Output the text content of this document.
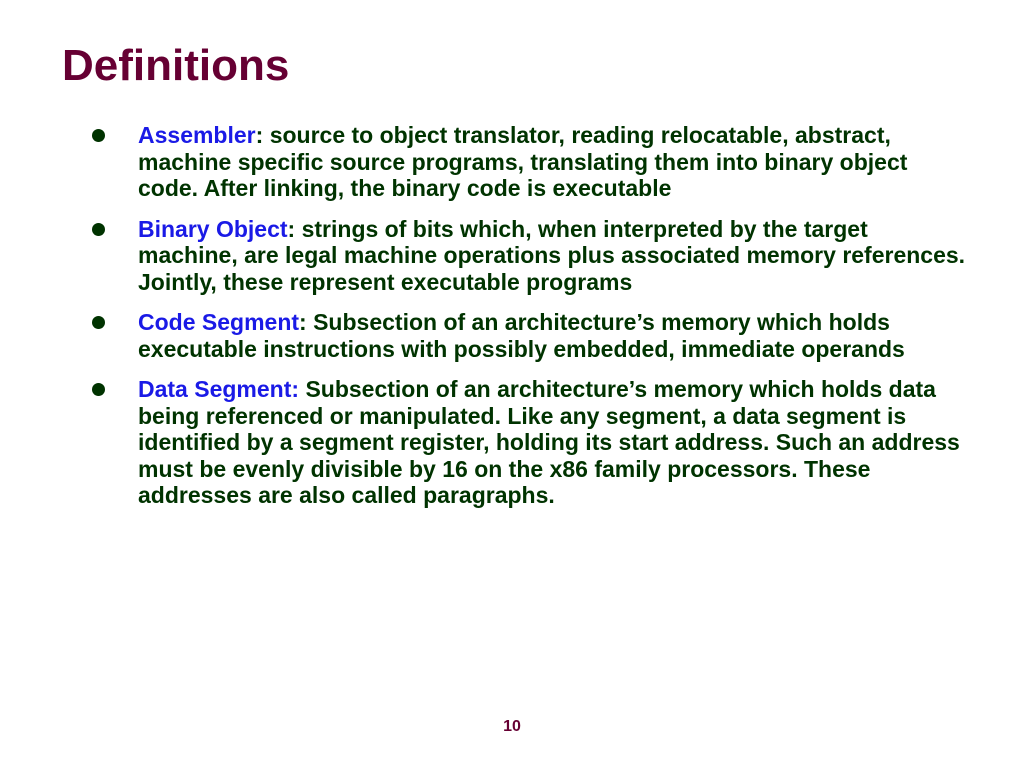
Definitions
Assembler: source to object translator, reading relocatable, abstract, machine specific source programs, translating them into binary object code. After linking, the binary code is executable
Binary Object: strings of bits which, when interpreted by the target machine, are legal machine operations plus associated memory references. Jointly, these represent executable programs
Code Segment: Subsection of an architecture’s memory which holds executable instructions with possibly embedded, immediate operands
Data Segment: Subsection of an architecture’s memory which holds data being referenced or manipulated. Like any segment, a data segment is identified by a segment register, holding its start address. Such an address must be evenly divisible by 16 on the x86 family processors. These addresses are also called paragraphs.
10
